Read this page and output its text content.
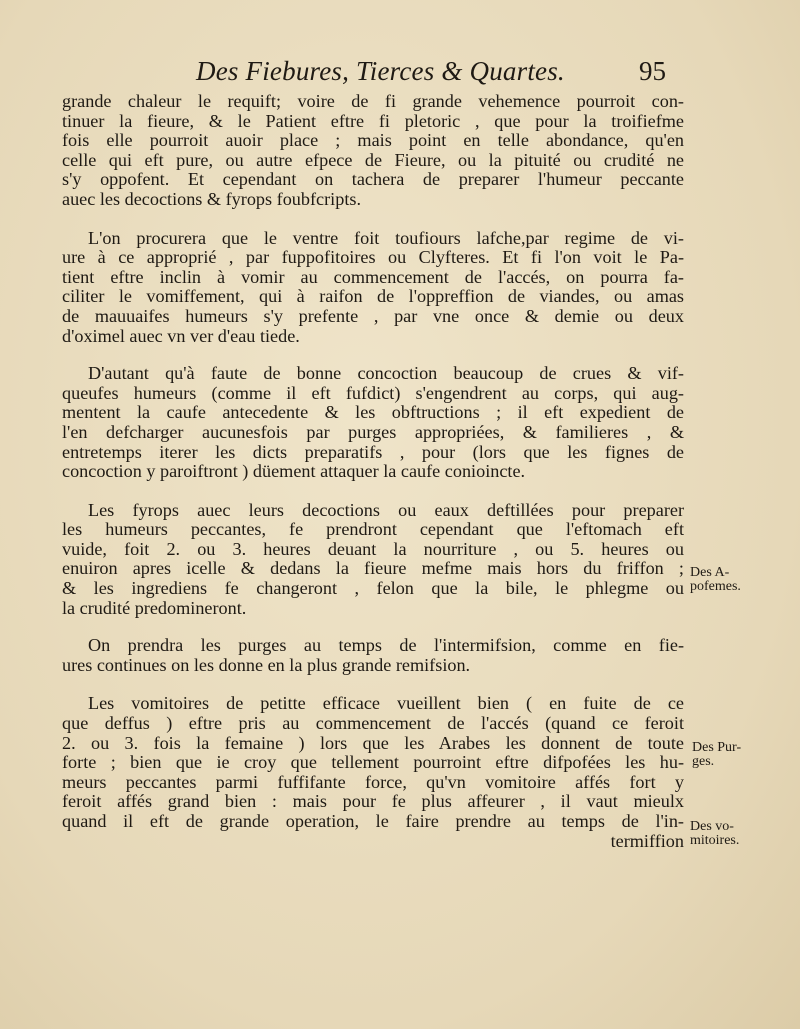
Des Fiebures, Tierces & Quartes.	95
grande chaleur le requift; voire de fi grande vehemence pourroit con-
tinuer la fieure, & le Patient eftre fi pletoric , que pour la troifiefme
fois elle pourroit auoir place ; mais point en telle abondance, qu'en
celle qui eft pure, ou autre efpece de Fieure, ou la pituité ou crudité ne
s'y oppofent. Et cependant on tachera de preparer l'humeur peccante
auec les decoctions & fyrops foubfcripts.
L'on procurera que le ventre foit toufiours lafche,par regime de vi-
ure à ce approprié , par fuppofitoires ou Clyfteres. Et fi l'on voit le Pa-
tient eftre inclin à vomir au commencement de l'accés, on pourra fa-
ciliter le vomiffement, qui à raifon de l'oppreffion de viandes, ou amas
de mauuaifes humeurs s'y prefente , par vne once & demie ou deux
d'oximel auec vn ver d'eau tiede.
D'autant qu'à faute de bonne concoction beaucoup de crues & vif-
queufes humeurs (comme il eft fufdict) s'engendrent au corps, qui aug-
mentent la caufe antecedente & les obftructions ; il eft expedient de
l'en defcharger aucunesfois par purges appropriées, & familieres , &
entretemps iterer les dicts preparatifs , pour (lors que les fignes de
concoction y paroiftront ) düement attaquer la caufe conioincte.
Les fyrops auec leurs decoctions ou eaux deftillées pour preparer
les humeurs peccantes, fe prendront cependant que l'eftomach eft
vuide, foit 2. ou 3. heures deuant la nourriture , ou 5. heures ou
enuiron apres icelle & dedans la fieure mefme mais hors du friffon ;
& les ingrediens fe changeront , felon que la bile, le phlegme ou
la crudité predomineront.
On prendra les purges au temps de l'intermifsion, comme en fie-
ures continues on les donne en la plus grande remifsion.
Les vomitoires de petitte efficace vueillent bien ( en fuite de ce
que deffus ) eftre pris au commencement de l'accés (quand ce feroit
2. ou 3. fois la femaine ) lors que les Arabes les donnent de toute
forte ; bien que ie croy que tellement pourroint eftre difpofées les hu-
meurs peccantes parmi fuffifante force, qu'vn vomitoire affés fort y
feroit affés grand bien : mais pour fe plus affeurer , il vaut mieulx
quand il eft de grande operation, le faire prendre au temps de l'in-
termiffion
Des A-
pofemes.
Des Pur-
ges.
Des vo-
mitoires.
